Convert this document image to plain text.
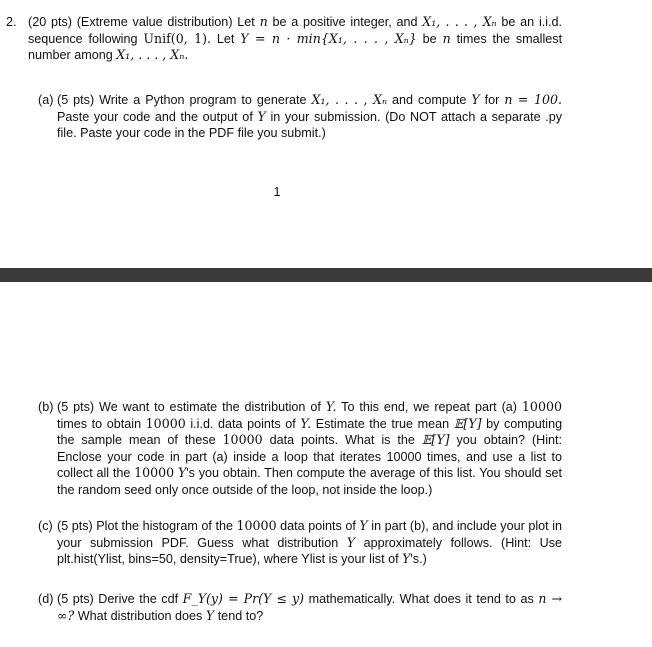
2. (20 pts) (Extreme value distribution) Let n be a positive integer, and X₁, . . . , Xₙ be an i.i.d. sequence following Unif(0, 1). Let Y = n · min{X₁, . . . , Xₙ} be n times the smallest number among X₁, . . . , Xₙ.
(a) (5 pts) Write a Python program to generate X₁, . . . , Xₙ and compute Y for n = 100. Paste your code and the output of Y in your submission. (Do NOT attach a separate .py file. Paste your code in the PDF file you submit.)
1
(b) (5 pts) We want to estimate the distribution of Y. To this end, we repeat part (a) 10000 times to obtain 10000 i.i.d. data points of Y. Estimate the true mean 𝔼[Y] by computing the sample mean of these 10000 data points. What is the 𝔼[Y] you obtain? (Hint: Enclose your code in part (a) inside a loop that iterates 10000 times, and use a list to collect all the 10000 Y's you obtain. Then compute the average of this list. You should set the random seed only once outside of the loop, not inside the loop.)
(c) (5 pts) Plot the histogram of the 10000 data points of Y in part (b), and include your plot in your submission PDF. Guess what distribution Y approximately follows. (Hint: Use plt.hist(Ylist, bins=50, density=True), where Ylist is your list of Y's.)
(d) (5 pts) Derive the cdf F_Y(y) = Pr(Y ≤ y) mathematically. What does it tend to as n → ∞? What distribution does Y tend to?
